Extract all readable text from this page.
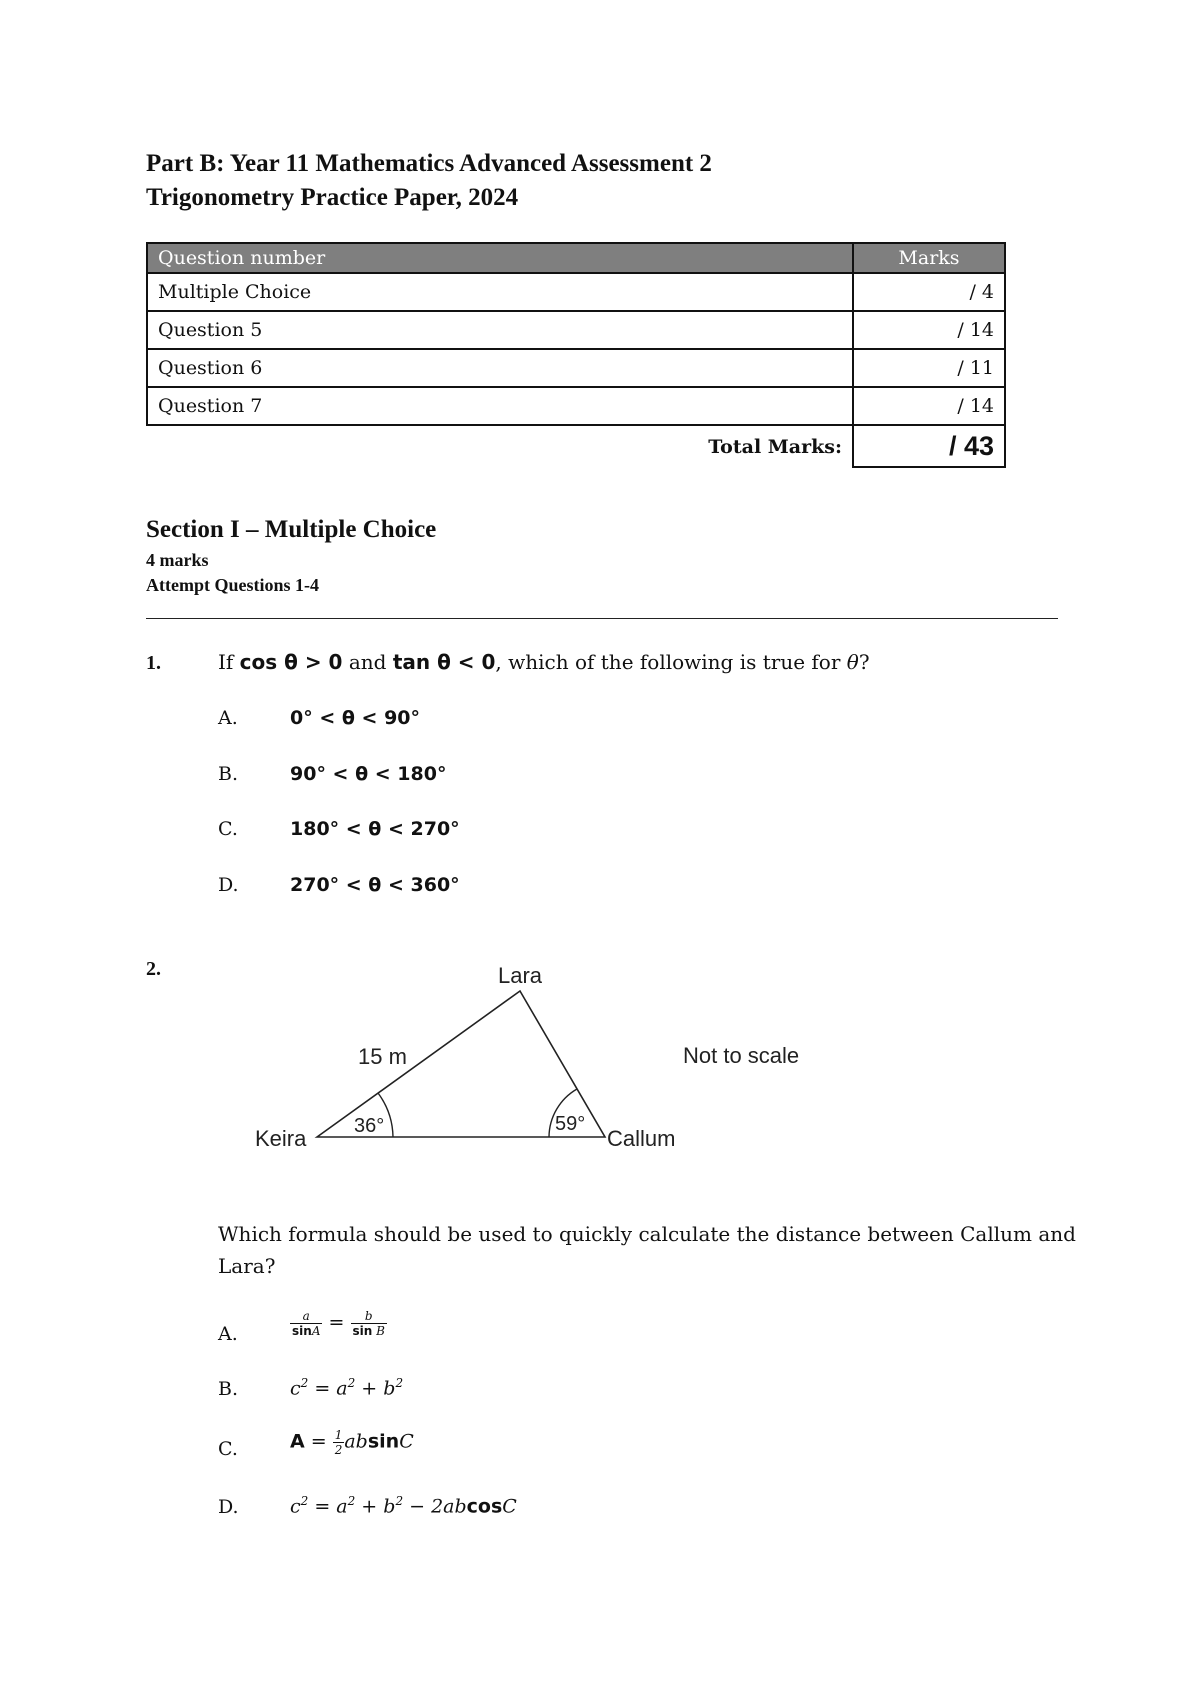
Part B: Year 11 Mathematics Advanced Assessment 2
Trigonometry Practice Paper, 2024
Question number	Marks
Multiple Choice	/ 4
Question 5	/ 14
Question 6	/ 11
Question 7	/ 14
Total Marks:	/ 43
Section I – Multiple Choice
4 marks
Attempt Questions 1-4
1.	If cos θ > 0 and tan θ < 0, which of the following is true for θ?
A.	0° < θ < 90°
B.	90° < θ < 180°
C.	180° < θ < 270°
D.	270° < θ < 360°
2.	Lara
Keira	Callum
15 m
36°	59°
Not to scale
Which formula should be used to quickly calculate the distance between Callum and
Lara?
A.	$\frac{a}{\sin A} = \frac{b}{\text{sin B}}$
B.	$c^2 = a^2 + b^2$
C.	$A = \frac{1}{2}$ absinC
D.	$c^2 = a^2 + b^2 - 2abcosC$
